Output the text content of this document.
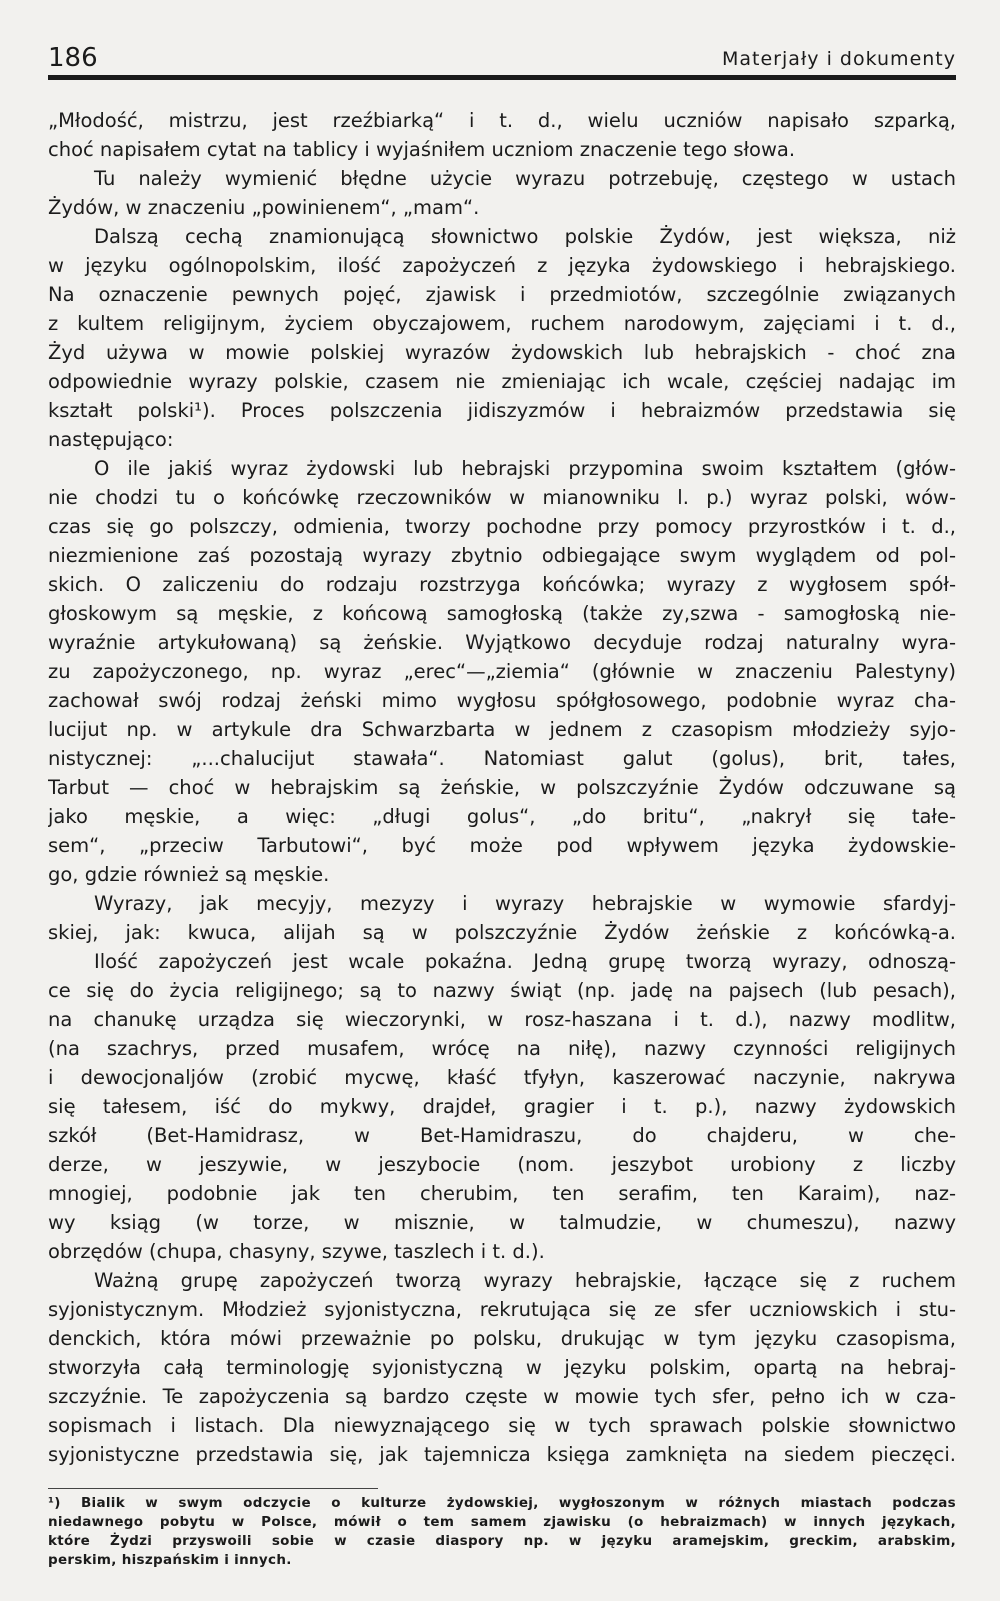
186	Materjały i dokumenty
„Młodość, mistrzu, jest rzeźbiarką“ i t. d., wielu uczniów napisało szparką,
choć napisałem cytat na tablicy i wyjaśniłem uczniom znaczenie tego słowa.
Tu należy wymienić błędne użycie wyrazu potrzebuję, częstego w ustach
Żydów, w znaczeniu „powinienem“, „mam“.
Dalszą cechą znamionującą słownictwo polskie Żydów, jest większa, niż
w języku ogólnopolskim, ilość zapożyczeń z języka żydowskiego i hebrajskiego.
Na oznaczenie pewnych pojęć, zjawisk i przedmiotów, szczególnie związanych
z kultem religijnym, życiem obyczajowem, ruchem narodowym, zajęciami i t. d.,
Żyd używa w mowie polskiej wyrazów żydowskich lub hebrajskich - choć zna
odpowiednie wyrazy polskie, czasem nie zmieniając ich wcale, częściej nadając im
kształt polski¹). Proces polszczenia jidiszyzmów i hebraizmów przedstawia się
następująco:
O ile jakiś wyraz żydowski lub hebrajski przypomina swoim kształtem (głów-
nie chodzi tu o końcówkę rzeczowników w mianowniku l. p.) wyraz polski, wów-
czas się go polszczy, odmienia, tworzy pochodne przy pomocy przyrostków i t. d.,
niezmienione zaś pozostają wyrazy zbytnio odbiegające swym wyglądem od pol-
skich. O zaliczeniu do rodzaju rozstrzyga końcówka; wyrazy z wygłosem spół-
głoskowym są męskie, z końcową samogłoską (także zy,szwa - samogłoską nie-
wyraźnie artykułowaną) są żeńskie. Wyjątkowo decyduje rodzaj naturalny wyra-
zu zapożyczonego, np. wyraz „erec“—„ziemia“ (głównie w znaczeniu Palestyny)
zachował swój rodzaj żeński mimo wygłosu spółgłosowego, podobnie wyraz cha-
lucijut np. w artykule dra Schwarzbarta w jednem z czasopism młodzieży syjo-
nistycznej: „...chalucijut stawała“. Natomiast galut (golus), brit, tałes,
Tarbut — choć w hebrajskim są żeńskie, w polszczyźnie Żydów odczuwane są
jako męskie, a więc: „długi golus“, „do britu“, „nakrył się tałe-
sem“, „przeciw Tarbutowi“, być może pod wpływem języka żydowskie-
go, gdzie również są męskie.
Wyrazy, jak mecyjy, mezyzy i wyrazy hebrajskie w wymowie sfardyj-
skiej, jak: kwuca, alijah są w polszczyźnie Żydów żeńskie z końcówką-a.
Ilość zapożyczeń jest wcale pokaźna. Jedną grupę tworzą wyrazy, odnoszą-
ce się do życia religijnego; są to nazwy świąt (np. jadę na pajsech (lub pesach),
na chanukę urządza się wieczorynki, w rosz-haszana i t. d.), nazwy modlitw,
(na szachrys, przed musafem, wrócę na niłę), nazwy czynności religijnych
i dewocjonaljów (zrobić mycwę, kłaść tfyłyn, kaszerować naczynie, nakrywa
się tałesem, iść do mykwy, drajdeł, gragier i t. p.), nazwy żydowskich
szkół (Bet-Hamidrasz, w Bet-Hamidraszu, do chajderu, w che-
derze, w jeszywie, w jeszybocie (nom. jeszybot urobiony z liczby
mnogiej, podobnie jak ten cherubim, ten serafim, ten Karaim), naz-
wy ksiąg (w torze, w misznie, w talmudzie, w chumeszu), nazwy
obrzędów (chupa, chasyny, szywe, taszlech i t. d.).
Ważną grupę zapożyczeń tworzą wyrazy hebrajskie, łączące się z ruchem
syjonistycznym. Młodzież syjonistyczna, rekrutująca się ze sfer uczniowskich i stu-
denckich, która mówi przeważnie po polsku, drukując w tym języku czasopisma,
stworzyła całą terminologję syjonistyczną w języku polskim, opartą na hebraj-
szczyźnie. Te zapożyczenia są bardzo częste w mowie tych sfer, pełno ich w cza-
sopismach i listach. Dla niewyznającego się w tych sprawach polskie słownictwo
syjonistyczne przedstawia się, jak tajemnicza księga zamknięta na siedem pieczęci.
¹) Bialik w swym odczycie o kulturze żydowskiej, wygłoszonym w różnych miastach podczas
niedawnego pobytu w Polsce, mówił o tem samem zjawisku (o hebraizmach) w innych językach,
które Żydzi przyswoili sobie w czasie diaspory np. w języku aramejskim, greckim, arabskim,
perskim, hiszpańskim i innych.
